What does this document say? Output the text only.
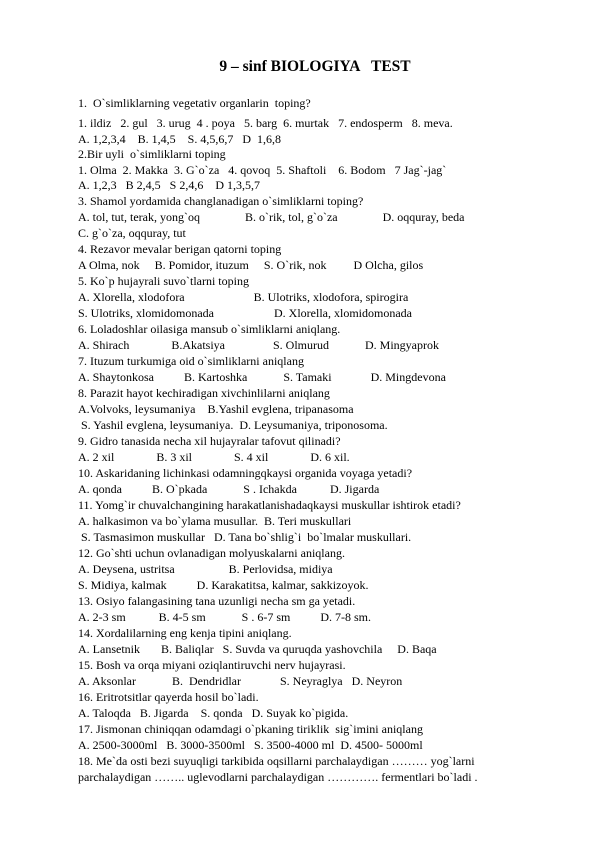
9 – sinf BIOLOGIYA   TEST

1.  O`simliklarning vegetativ organlarin  toping?

1. ildiz   2. gul   3. urug  4 . poya   5. barg  6. murtak   7. endosperm   8. meva.

A. 1,2,3,4    B. 1,4,5    S. 4,5,6,7   D  1,6,8

2.Bir uyli  o`simliklarni toping

1. Olma  2. Makka  3. G`o`za   4. qovoq  5. Shaftoli    6. Bodom   7 Jag`-jag`

A. 1,2,3   B 2,4,5   S 2,4,6    D 1,3,5,7

3. Shamol yordamida changlanadigan o`simliklarni toping?

A. tol, tut, terak, yong`oq               B. o`rik, tol, g`o`za               D. oqquray, beda

C. g`o`za, oqquray, tut

4. Rezavor mevalar berigan qatorni toping

A Olma, nok     B. Pomidor, ituzum     S. O`rik, nok         D Olcha, gilos

5. Ko`p hujayrali suvo`tlarni toping

A. Xlorella, xlodofora                       B. Ulotriks, xlodofora, spirogira

S. Ulotriks, xlomidomonada                    D. Xlorella, xlomidomonada

6. Loladoshlar oilasiga mansub o`simliklarni aniqlang.

A. Shirach              B.Akatsiya                S. Olmurud            D. Mingyaprok

7. Ituzum turkumiga oid o`simliklarni aniqlang

A. Shaytonkosa          B. Kartoshka            S. Tamaki             D. Mingdevona

8. Parazit hayot kechiradigan xivchinlilarni aniqlang

A.Volvoks, leysumaniya    B.Yashil evglena, tripanasoma

S. Yashil evglena, leysumaniya.  D. Leysumaniya, triponosoma.

9. Gidro tanasida necha xil hujayralar tafovut qilinadi?

A. 2 xil              B. 3 xil              S. 4 xil              D. 6 xil.

10. Askaridaning lichinkasi odamningqkaysi organida voyaga yetadi?

A. qonda          B. O`pkada            S . Ichakda           D. Jigarda

11. Yomg`ir chuvalchangining harakatlanishadaqkaysi muskullar ishtirok etadi?

A. halkasimon va bo`ylama musullar.  B. Teri muskullari

S. Tasmasimon muskullar   D. Tana bo`shlig`i  bo`lmalar muskullari.

12. Go`shti uchun ovlanadigan molyuskalarni aniqlang.

A. Deysena, ustritsa                  B. Perlovidsa, midiya

S. Midiya, kalmak          D. Karakatitsa, kalmar, sakkizoyok.

13. Osiyo falangasining tana uzunligi necha sm ga yetadi.

A. 2-3 sm           B. 4-5 sm            S . 6-7 sm          D. 7-8 sm.

14. Xordalilarning eng kenja tipini aniqlang.

A. Lansetnik       B. Baliqlar   S. Suvda va quruqda yashovchila     D. Baqa

15. Bosh va orqa miyani oziqlantiruvchi nerv hujayrasi.

A. Aksonlar            B.  Dendridlar             S. Neyraglya   D. Neyron

16. Eritrotsitlar qayerda hosil bo`ladi.

A. Taloqda   B. Jigarda    S. qonda   D. Suyak ko`pigida.

17. Jismonan chiniqqan odamdagi o`pkaning tiriklik  sig`imini aniqlang

A. 2500-3000ml   B. 3000-3500ml   S. 3500-4000 ml  D. 4500- 5000ml

18. Me`da osti bezi suyuqligi tarkibida oqsillarni parchalaydigan ……… yog`larni

parchalaydigan …….. uglevodlarni parchalaydigan …………. fermentlari bo`ladi .
